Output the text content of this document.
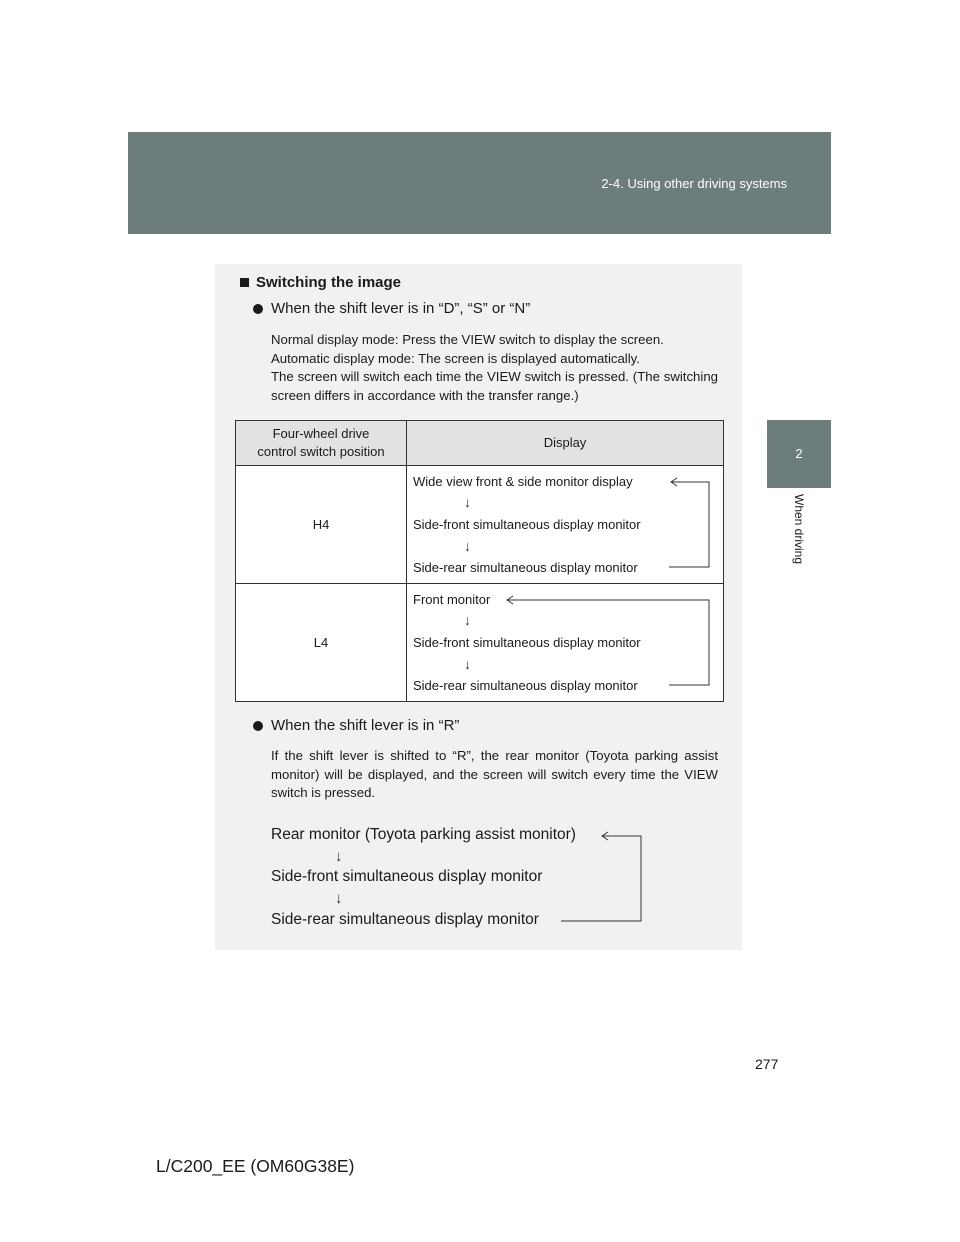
2-4. Using other driving systems
2
When driving
Switching the image
When the shift lever is in “D”, “S” or “N”
Normal display mode: Press the VIEW switch to display the screen.
Automatic display mode: The screen is displayed automatically.
The screen will switch each time the VIEW switch is pressed. (The switching screen differs in accordance with the transfer range.)
Four-wheel drive
control switch position	Display
H4	Wide view front & side monitor display
↓
Side-front simultaneous display monitor
↓
Side-rear simultaneous display monitor

L4	Front monitor
↓
Side-front simultaneous display monitor
↓
Side-rear simultaneous display monitor
When the shift lever is in “R”
If the shift lever is shifted to “R”, the rear monitor (Toyota parking assist monitor) will be displayed, and the screen will switch every time the VIEW switch is pressed.
Rear monitor (Toyota parking assist monitor)
↓
Side-front simultaneous display monitor
↓
Side-rear simultaneous display monitor
277
L/C200_EE (OM60G38E)
